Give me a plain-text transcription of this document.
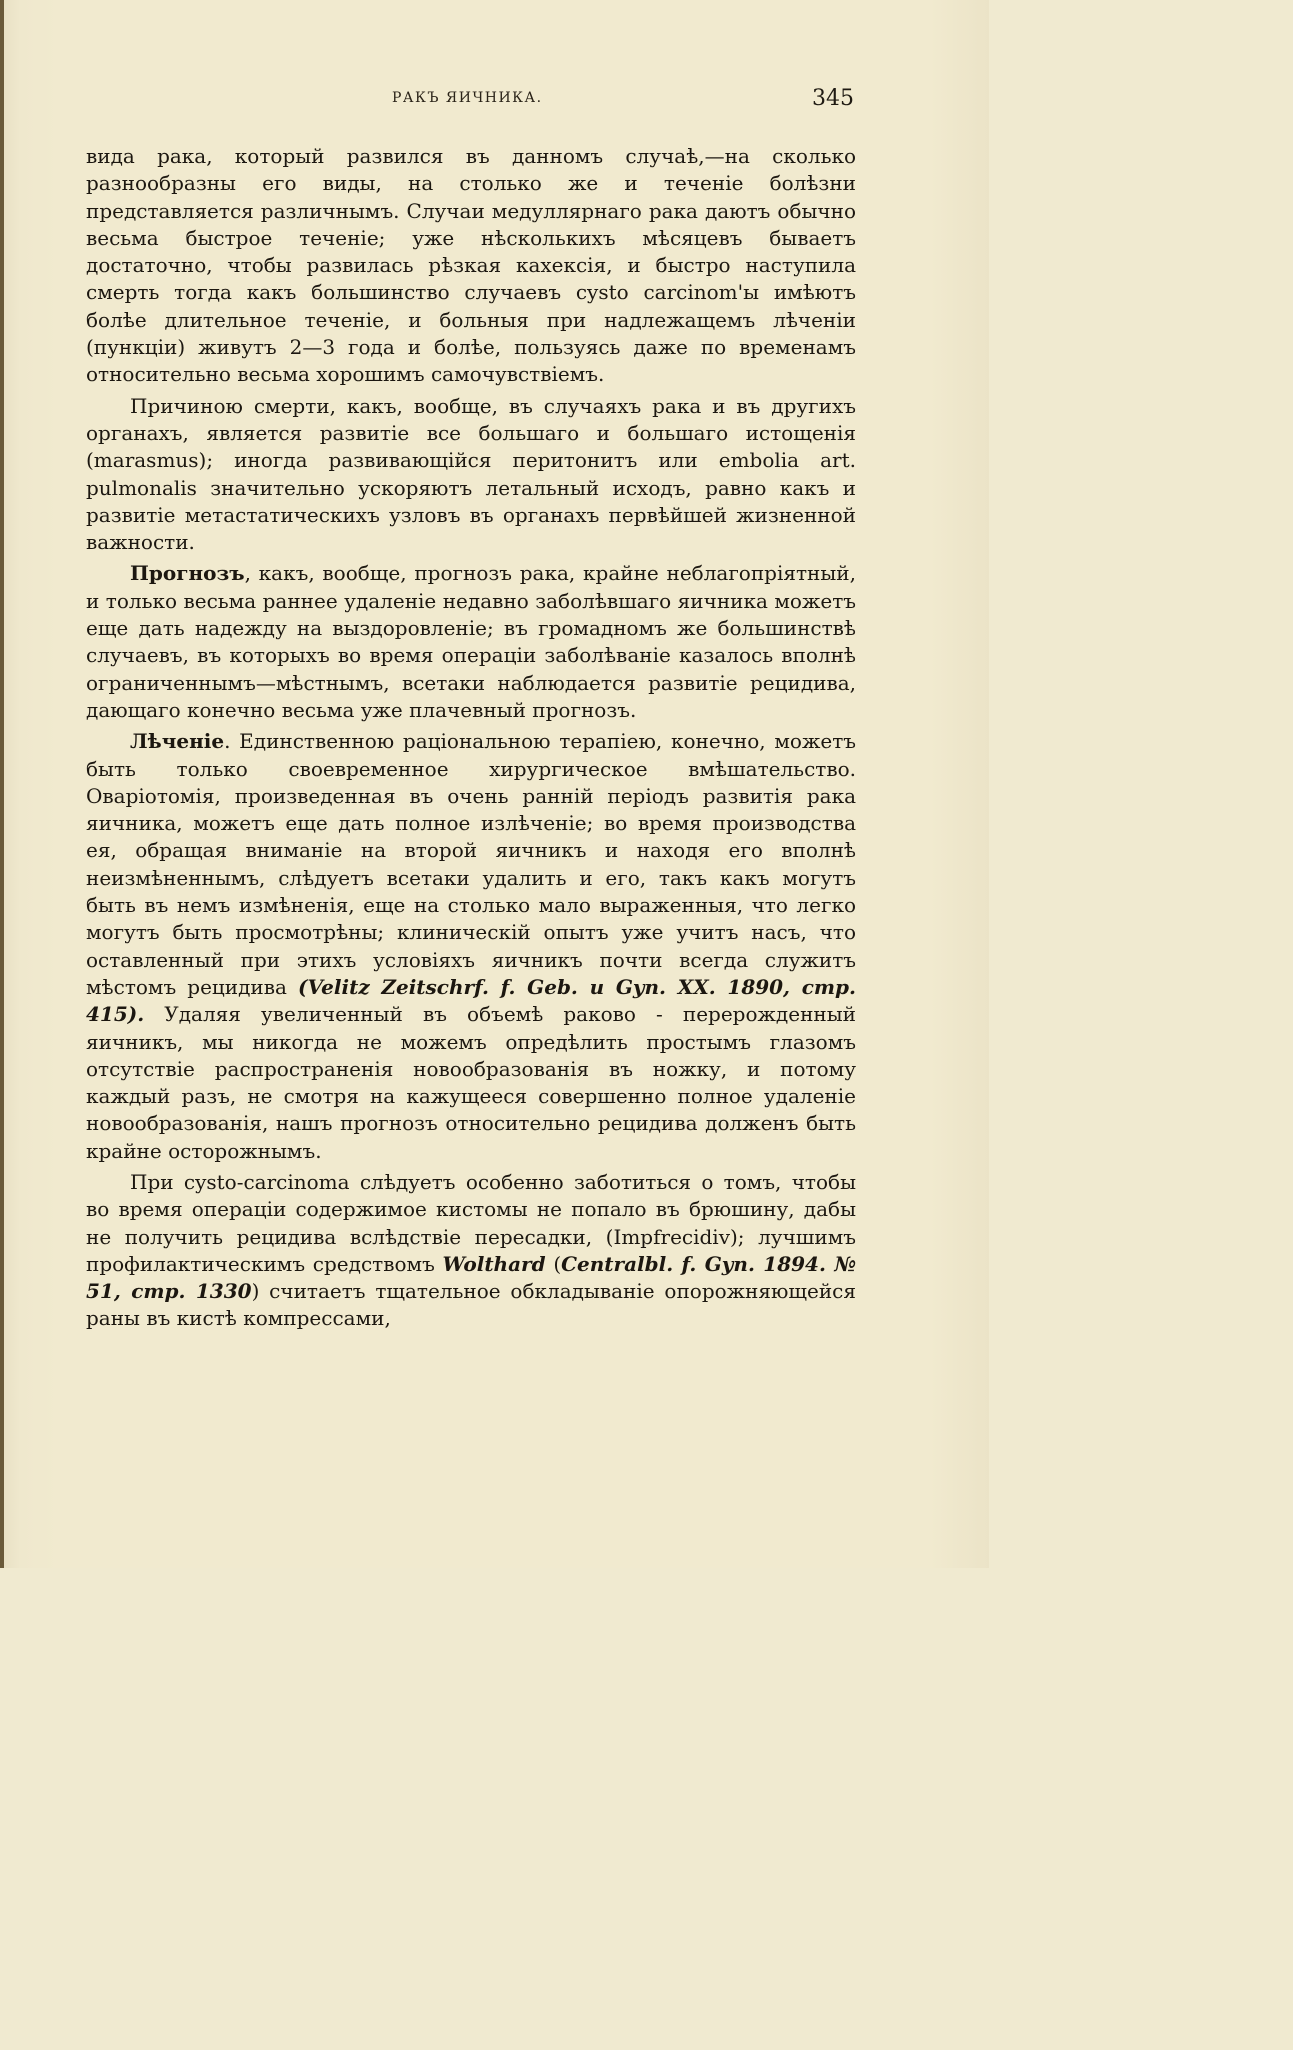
РАКЪ ЯИЧНИКА.	345

вида рака, который развился въ данномъ случаѣ,—на сколько разнообразны его виды, на столько же и теченіе болѣзни представляется различнымъ. Случаи медуллярнаго рака даютъ обычно весьма быстрое теченіе; уже нѣсколькихъ мѣсяцевъ бываетъ достаточно, чтобы развилась рѣзкая кахексія, и быстро наступила смерть тогда какъ большинство случаевъ cysto carcinom'ы имѣютъ болѣе длительное теченіе, и больныя при надлежащемъ лѣченіи (пункціи) живутъ 2—3 года и болѣе, пользуясь даже по временамъ относительно весьма хорошимъ самочувствіемъ.

Причиною смерти, какъ, вообще, въ случаяхъ рака и въ другихъ органахъ, является развитіе все большаго и большаго истощенія (marasmus); иногда развивающійся перитонитъ или embolia art. pulmonalis значительно ускоряютъ летальный исходъ, равно какъ и развитіе метастатическихъ узловъ въ органахъ первѣйшей жизненной важности.

Прогнозъ, какъ, вообще, прогнозъ рака, крайне неблагопріятный, и только весьма раннее удаленіе недавно заболѣвшаго яичника можетъ еще дать надежду на выздоровленіе; въ громадномъ же большинствѣ случаевъ, въ которыхъ во время операціи заболѣваніе казалось вполнѣ ограниченнымъ—мѣстнымъ, всетаки наблюдается развитіе рецидива, дающаго конечно весьма уже плачевный прогнозъ.

Лѣченіе. Единственною раціональною терапіею, конечно, можетъ быть только своевременное хирургическое вмѣшательство. Оваріотомія, произведенная въ очень ранній періодъ развитія рака яичника, можетъ еще дать полное излѣченіе; во время производства ея, обращая вниманіе на второй яичникъ и находя его вполнѣ неизмѣненнымъ, слѣдуетъ всетаки удалить и его, такъ какъ могутъ быть въ немъ измѣненія, еще на столько мало выраженныя, что легко могутъ быть просмотрѣны; клиническій опытъ уже учитъ насъ, что оставленный при этихъ условіяхъ яичникъ почти всегда служитъ мѣстомъ рецидива (Velitz Zeitschrf. f. Geb. u Gyn. XX. 1890, стр. 415). Удаляя увеличенный въ объемѣ раково - перерожденный яичникъ, мы никогда не можемъ опредѣлить простымъ глазомъ отсутствіе распространенія новообразованія въ ножку, и потому каждый разъ, не смотря на кажущееся совершенно полное удаленіе новообразованія, нашъ прогнозъ относительно рецидива долженъ быть крайне осторожнымъ.

При cysto-carcinoma слѣдуетъ особенно заботиться о томъ, чтобы во время операціи содержимое кистомы не попало въ брюшину, дабы не получить рецидива вслѣдствіе пересадки, (Impfrecidiv); лучшимъ профилактическимъ средствомъ Wolthard (Centralbl. f. Gyn. 1894. № 51, стр. 1330) считаетъ тщательное обкладываніе опорожняющейся раны въ кистѣ компрессами,
